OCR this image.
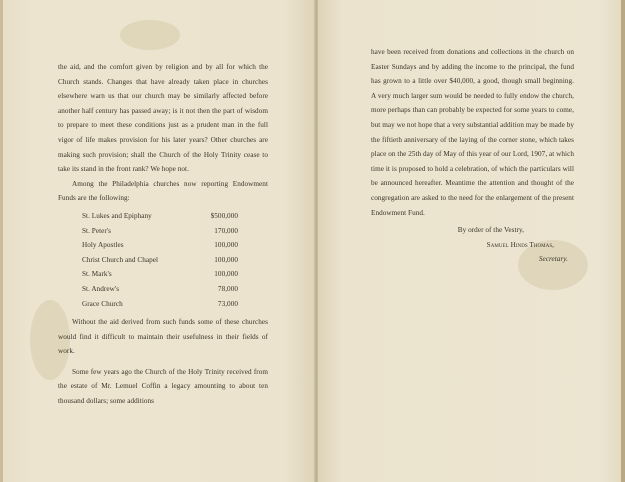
the aid, and the comfort given by religion and by all for which the Church stands. Changes that have already taken place in churches elsewhere warn us that our church may be similarly affected before another half century has passed away; is it not then the part of wisdom to prepare to meet these conditions just as a prudent man in the full vigor of life makes provision for his later years? Other churches are making such provision; shall the Church of the Holy Trinity cease to take its stand in the front rank? We hope not.

Among the Philadelphia churches now reporting Endowment Funds are the following:

St. Lukes and Epiphany	$500,000
St. Peter's	170,000
Holy Apostles	100,000
Christ Church and Chapel	100,000
St. Mark's	100,000
St. Andrew's	78,000
Grace Church	73,000

Without the aid derived from such funds some of these churches would find it difficult to maintain their usefulness in their fields of work.

Some few years ago the Church of the Holy Trinity received from the estate of Mr. Lemuel Coffin a legacy amounting to about ten thousand dollars; some additions

have been received from donations and collections in the church on Easter Sundays and by adding the income to the principal, the fund has grown to a little over $40,000, a good, though small beginning. A very much larger sum would be needed to fully endow the church, more perhaps than can probably be expected for some years to come, but may we not hope that a very substantial addition may be made by the fiftieth anniversary of the laying of the corner stone, which takes place on the 25th day of May of this year of our Lord, 1907, at which time it is proposed to hold a celebration, of which the particulars will be announced hereafter. Meantime the attention and thought of the congregation are asked to the need for the enlargement of the present Endowment Fund.

By order of the Vestry,
Samuel Hinds Thomas,
Secretary.
